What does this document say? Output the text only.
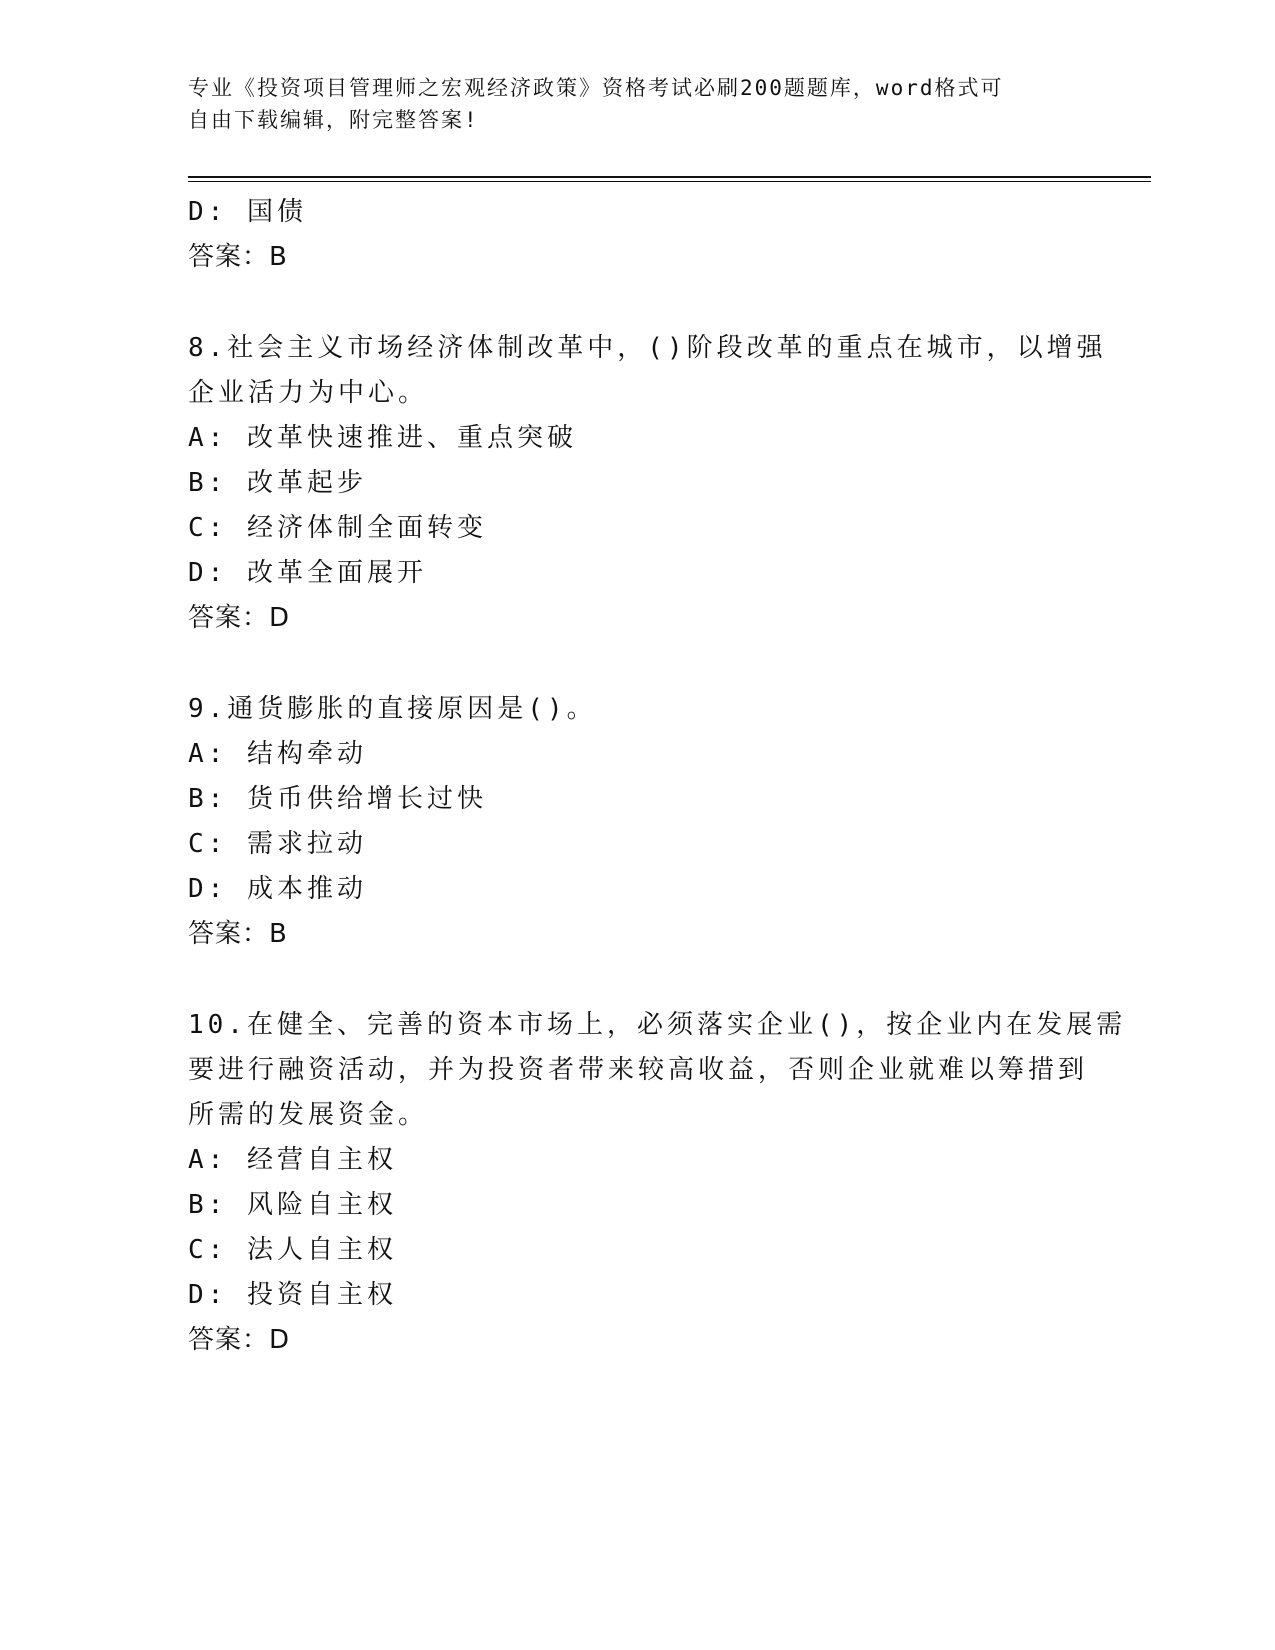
专业《投资项目管理师之宏观经济政策》资格考试必刷200题题库，word格式可
自由下载编辑，附完整答案!
D: 国债
答案：B
8.社会主义市场经济体制改革中，()阶段改革的重点在城市，以增强
企业活力为中心。
A: 改革快速推进、重点突破
B: 改革起步
C: 经济体制全面转变
D: 改革全面展开
答案：D
9.通货膨胀的直接原因是()。
A: 结构牵动
B: 货币供给增长过快
C: 需求拉动
D: 成本推动
答案：B
10.在健全、完善的资本市场上，必须落实企业()，按企业内在发展需
要进行融资活动，并为投资者带来较高收益，否则企业就难以筹措到
所需的发展资金。
A: 经营自主权
B: 风险自主权
C: 法人自主权
D: 投资自主权
答案：D
